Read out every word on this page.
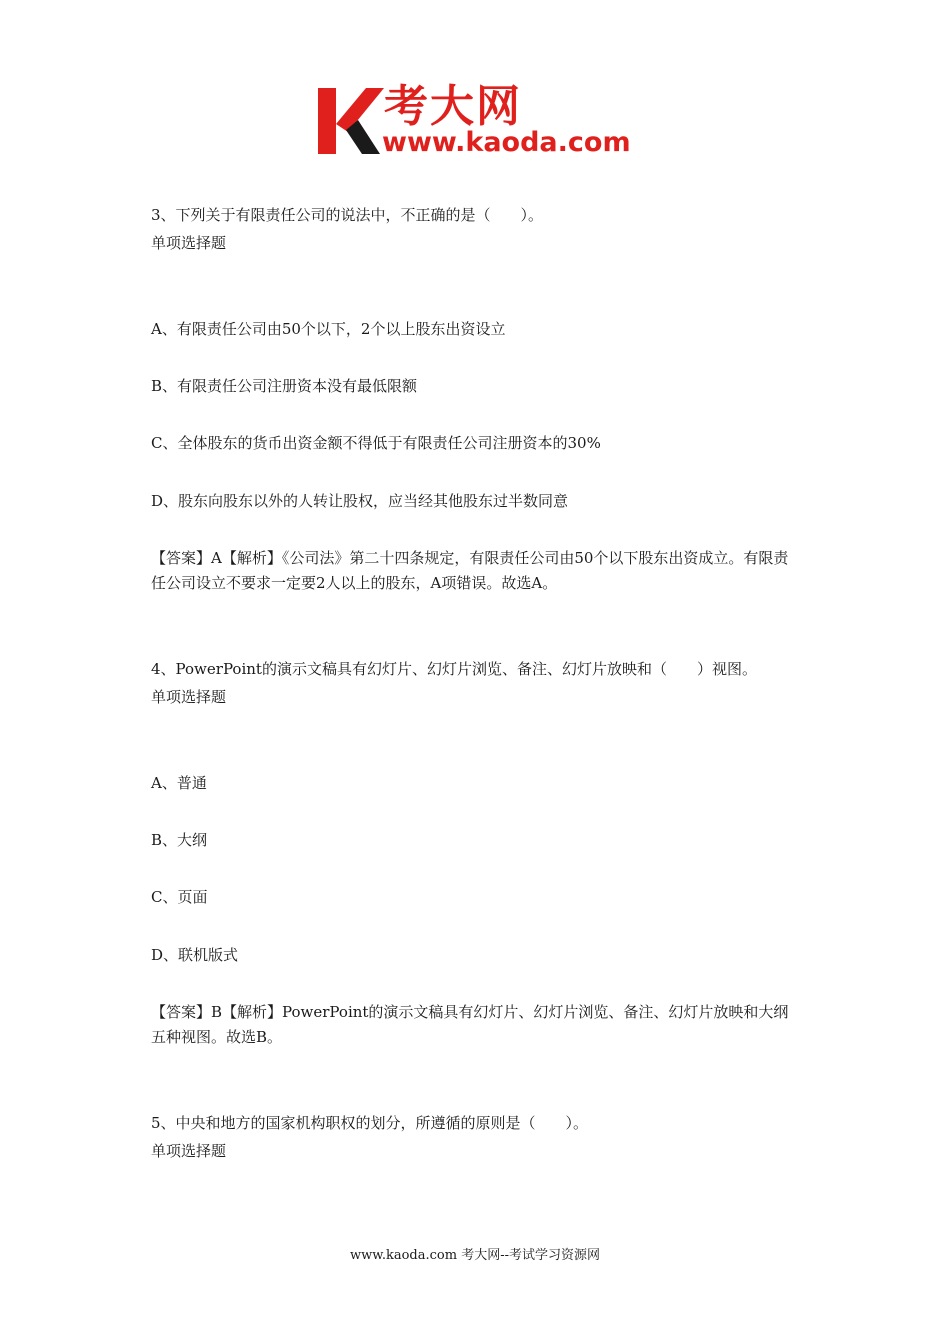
考大网
www.kaoda.com
3、下列关于有限责任公司的说法中，不正确的是（　　）。
单项选择题
A、有限责任公司由50个以下，2个以上股东出资设立
B、有限责任公司注册资本没有最低限额
C、全体股东的货币出资金额不得低于有限责任公司注册资本的30%
D、股东向股东以外的人转让股权，应当经其他股东过半数同意
【答案】A【解析】《公司法》第二十四条规定，有限责任公司由50个以下股东出资成立。有限责任公司设立不要求一定要2人以上的股东，A项错误。故选A。
4、PowerPoint的演示文稿具有幻灯片、幻灯片浏览、备注、幻灯片放映和（　　）视图。
单项选择题
A、普通
B、大纲
C、页面
D、联机版式
【答案】B【解析】PowerPoint的演示文稿具有幻灯片、幻灯片浏览、备注、幻灯片放映和大纲五种视图。故选B。
5、中央和地方的国家机构职权的划分，所遵循的原则是（　　）。
单项选择题
www.kaoda.com 考大网--考试学习资源网
